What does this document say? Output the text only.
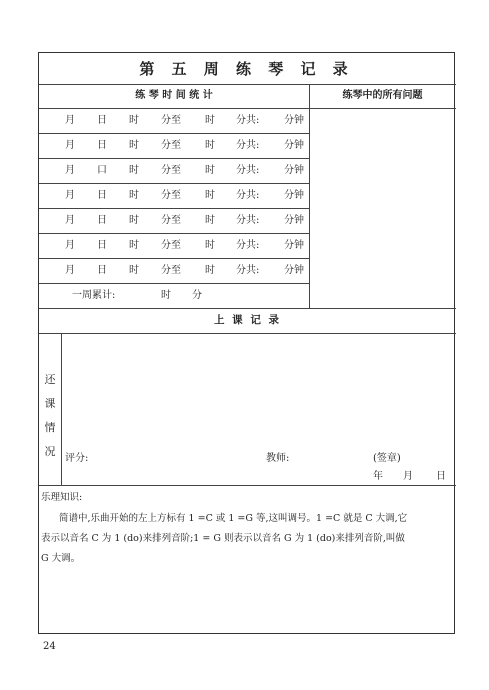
第 五 周 练 琴 记 录
练 琴 时 间 统 计	练琴中的所有问题
月 日 时 分至 时 分共: 分钟
月 日 时 分至 时 分共: 分钟
月 口 时 分至 时 分共: 分钟
月 日 时 分至 时 分共: 分钟
月 日 时 分至 时 分共: 分钟
月 日 时 分至 时 分共: 分钟
月 日 时 分至 时 分共: 分钟
一周累计:	时 分
上 课 记 录
还
课
情
况
评分:	教师:	(签章)
年 月 日
乐理知识:
简谱中,乐曲开始的左上方标有 1 =C 或 1 =G 等,这叫调号。1 =C 就是 C 大调,它
表示以音名 C 为 1 (do)来排列音阶;1 = G 则表示以音名 G 为 1 (do)来排列音阶,叫做
G 大调。
24
